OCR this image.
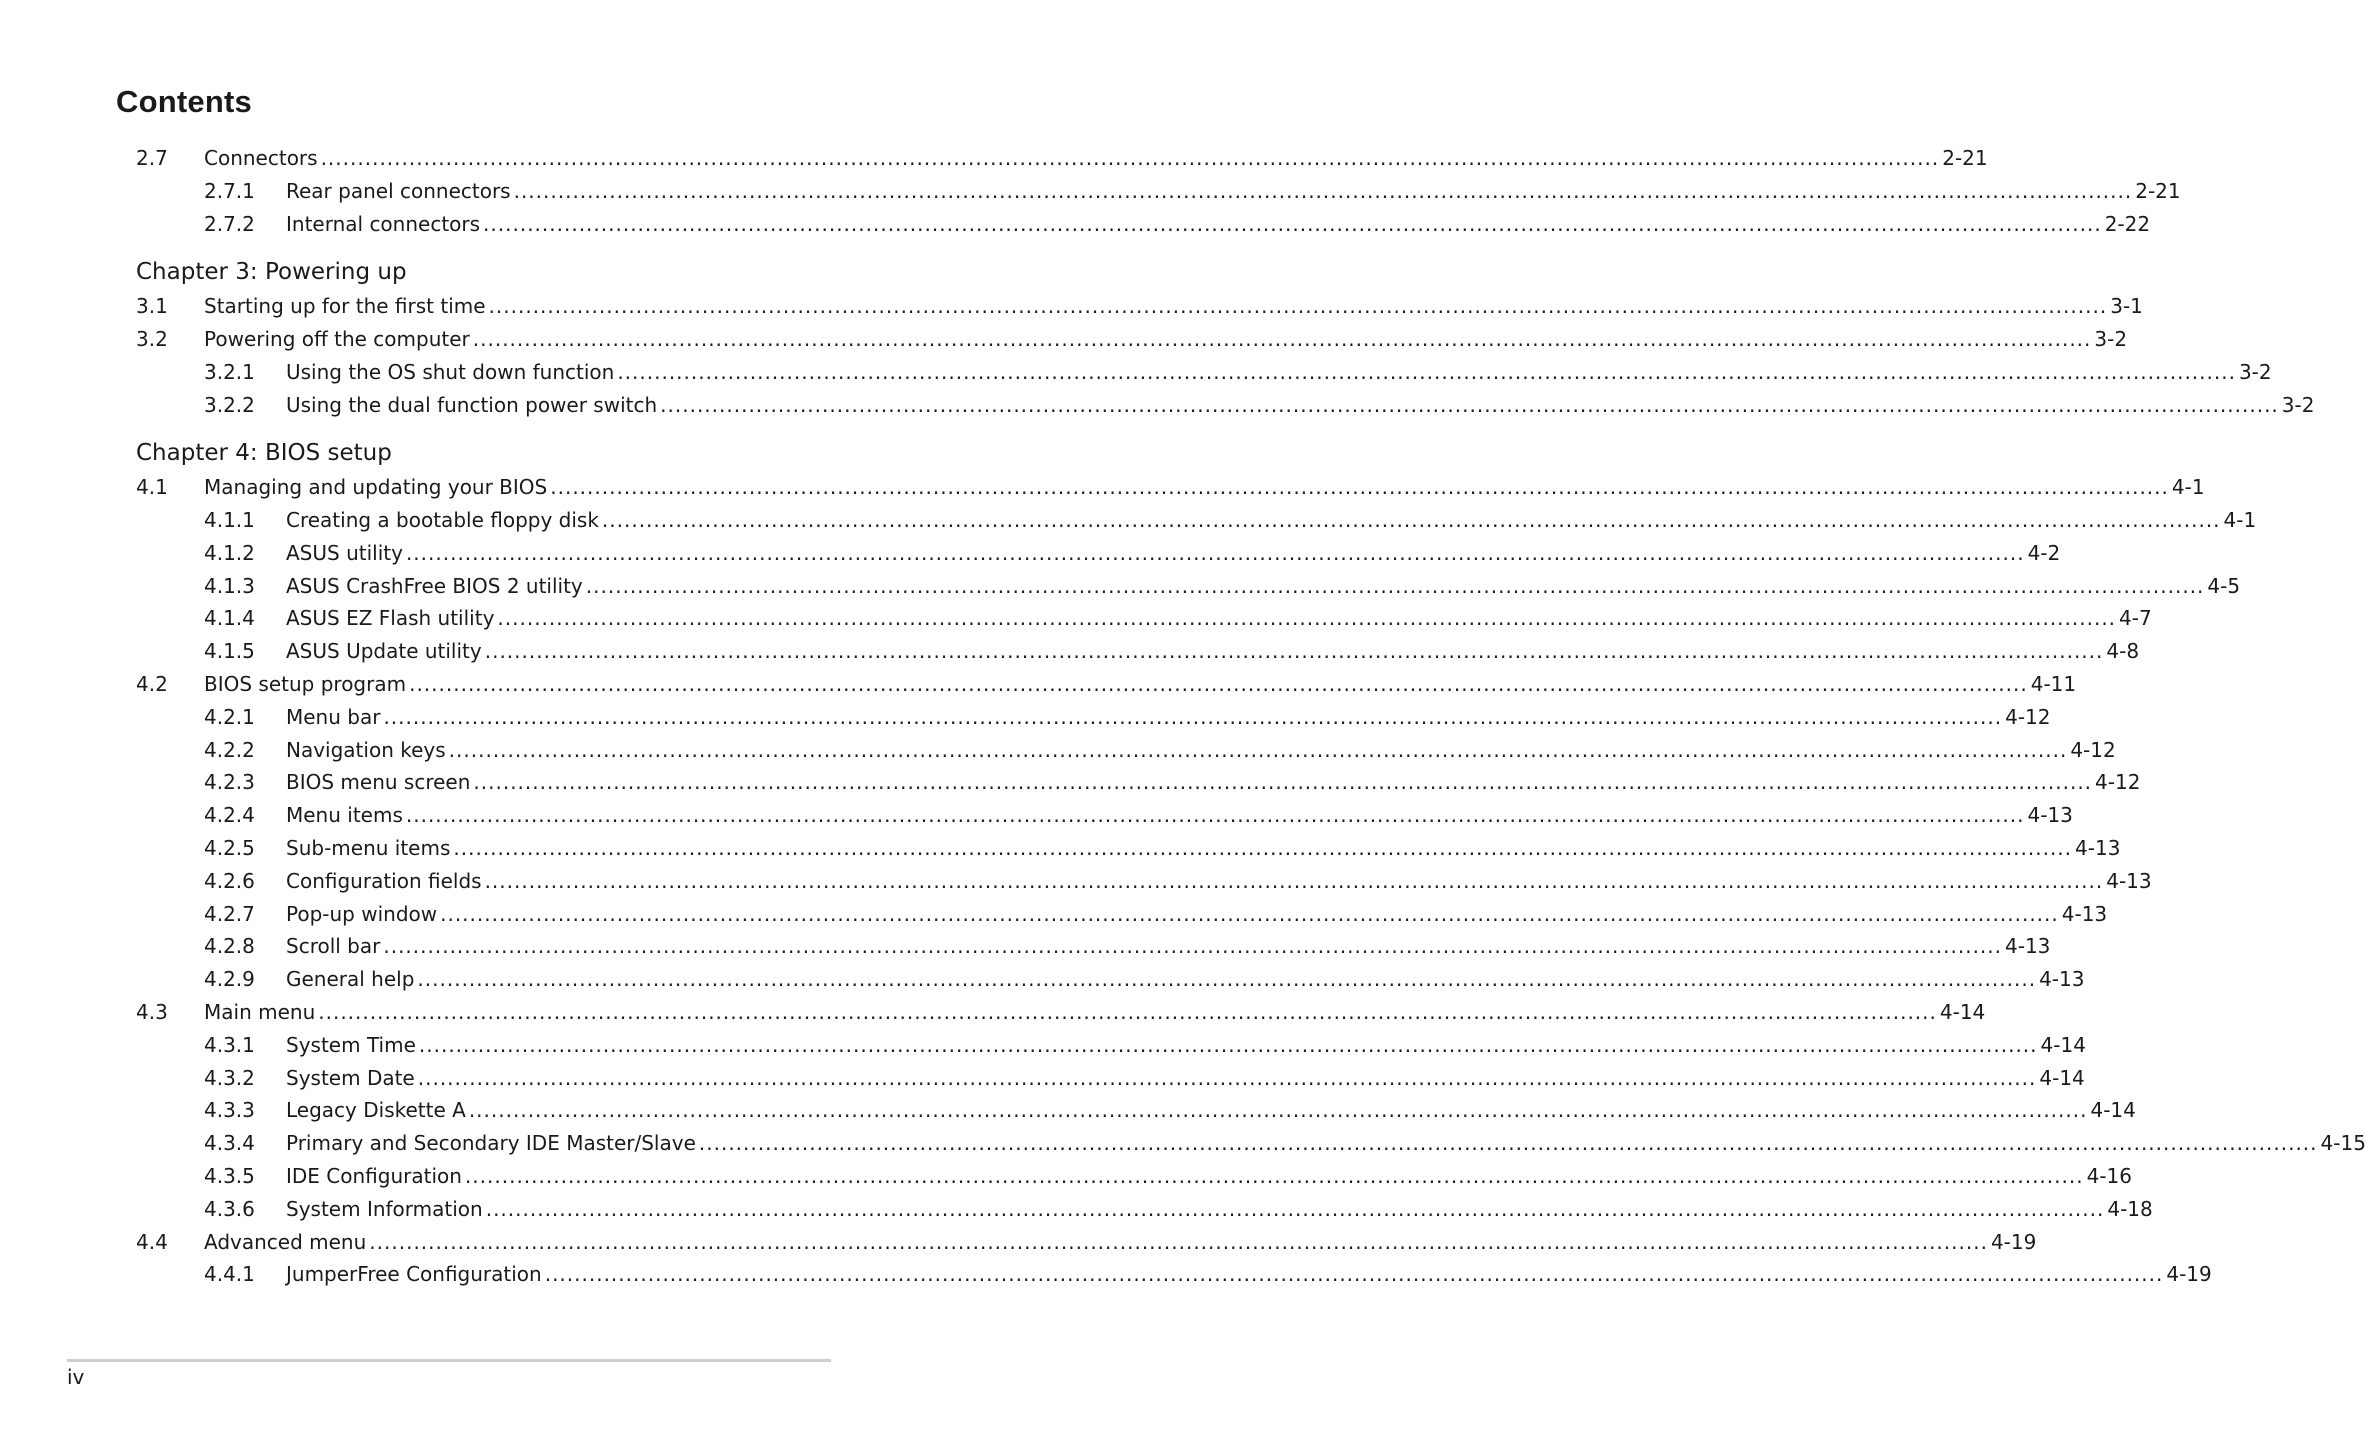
Contents
2.7	Connectors ............................................................................................................................................................................................................................ 2-21
2.7.1	Rear panel connectors ............................................................................................................................................................................................................................ 2-21
2.7.2	Internal connectors ............................................................................................................................................................................................................................ 2-22
Chapter 3: Powering up
3.1	Starting up for the first time ............................................................................................................................................................................................................................ 3-1
3.2	Powering off the computer ............................................................................................................................................................................................................................ 3-2
3.2.1	Using the OS shut down function ............................................................................................................................................................................................................................ 3-2
3.2.2	Using the dual function power switch ............................................................................................................................................................................................................................ 3-2
Chapter 4: BIOS setup
4.1	Managing and updating your BIOS ............................................................................................................................................................................................................................ 4-1
4.1.1	Creating a bootable floppy disk ............................................................................................................................................................................................................................ 4-1
4.1.2	ASUS utility ............................................................................................................................................................................................................................ 4-2
4.1.3	ASUS CrashFree BIOS 2 utility ............................................................................................................................................................................................................................ 4-5
4.1.4	ASUS EZ Flash utility ............................................................................................................................................................................................................................ 4-7
4.1.5	ASUS Update utility ............................................................................................................................................................................................................................ 4-8
4.2	BIOS setup program ............................................................................................................................................................................................................................ 4-11
4.2.1	Menu bar ............................................................................................................................................................................................................................ 4-12
4.2.2	Navigation keys ............................................................................................................................................................................................................................ 4-12
4.2.3	BIOS menu screen ............................................................................................................................................................................................................................ 4-12
4.2.4	Menu items ............................................................................................................................................................................................................................ 4-13
4.2.5	Sub-menu items ............................................................................................................................................................................................................................ 4-13
4.2.6	Configuration fields ............................................................................................................................................................................................................................ 4-13
4.2.7	Pop-up window ............................................................................................................................................................................................................................ 4-13
4.2.8	Scroll bar ............................................................................................................................................................................................................................ 4-13
4.2.9	General help ............................................................................................................................................................................................................................ 4-13
4.3	Main menu ............................................................................................................................................................................................................................ 4-14
4.3.1	System Time ............................................................................................................................................................................................................................ 4-14
4.3.2	System Date ............................................................................................................................................................................................................................ 4-14
4.3.3	Legacy Diskette A ............................................................................................................................................................................................................................ 4-14
4.3.4	Primary and Secondary IDE Master/Slave ............................................................................................................................................................................................................................ 4-15
4.3.5	IDE Configuration ............................................................................................................................................................................................................................ 4-16
4.3.6	System Information ............................................................................................................................................................................................................................ 4-18
4.4	Advanced menu ............................................................................................................................................................................................................................ 4-19
4.4.1	JumperFree Configuration ............................................................................................................................................................................................................................ 4-19
iv
